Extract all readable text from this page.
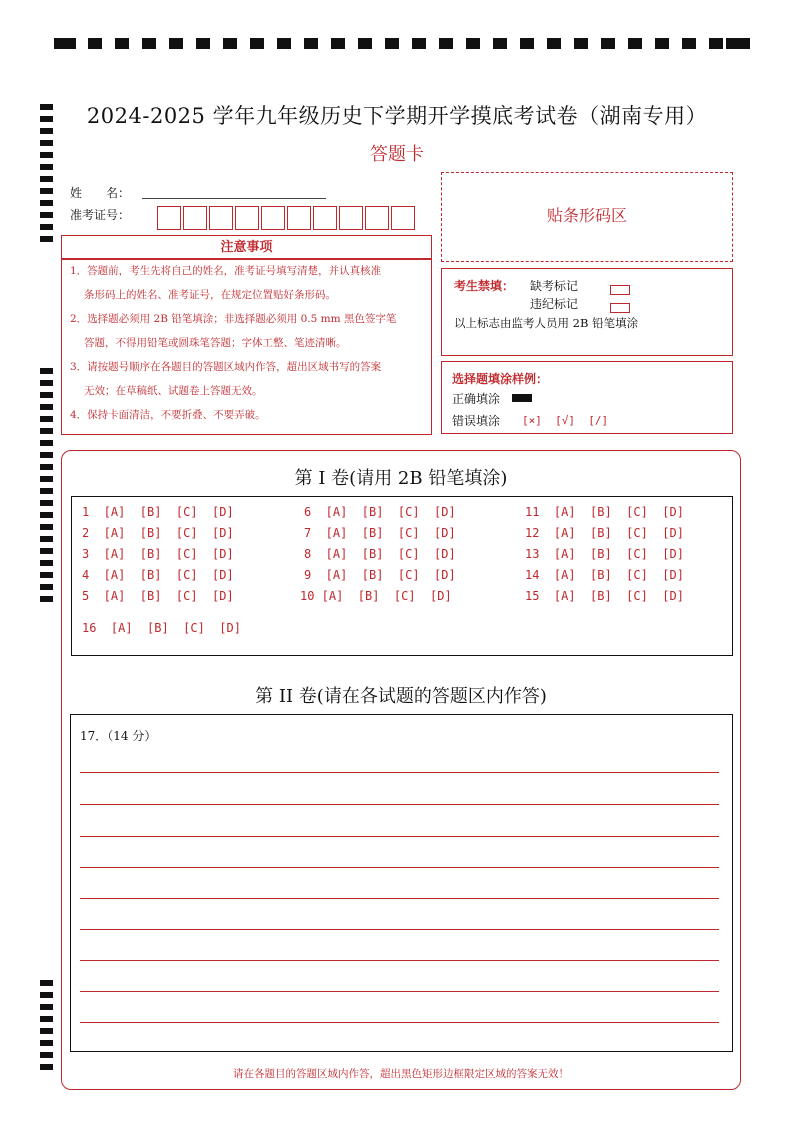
2024-2025 学年九年级历史下学期开学摸底考试卷（湖南专用）
答题卡
姓　　名：
准考证号：	贴条形码区
注意事项

1．答题前，考生先将自己的姓名，准考证号填写清楚，并认真核准

条形码上的姓名、准考证号，在规定位置贴好条形码。

2．选择题必须用 2B 铅笔填涂；非选择题必须用 0.5 mm 黑色签字笔

答题，不得用铅笔或圆珠笔答题；字体工整、笔迹清晰。

3．请按题号顺序在各题目的答题区域内作答，超出区域书写的答案

无效；在草稿纸、试题卷上答题无效。

4．保持卡面清洁，不要折叠、不要弄破。

考生禁填： 缺考标记
违纪标记
以上标志由监考人员用 2B 铅笔填涂
选择题填涂样例：
正确填涂
错误填涂 [×]  [√]  [/]
第 I 卷(请用 2B 铅笔填涂)
1  [A]  [B]  [C]  [D]
2  [A]  [B]  [C]  [D]
3  [A]  [B]  [C]  [D]
4  [A]  [B]  [C]  [D]
5  [A]  [B]  [C]  [D]
6  [A]  [B]  [C]  [D]
7  [A]  [B]  [C]  [D]
8  [A]  [B]  [C]  [D]
9  [A]  [B]  [C]  [D]
10 [A]  [B]  [C]  [D]
11  [A]  [B]  [C]  [D]
12  [A]  [B]  [C]  [D]
13  [A]  [B]  [C]  [D]
14  [A]  [B]  [C]  [D]
15  [A]  [B]  [C]  [D]
16  [A]  [B]  [C]  [D]
第 II 卷(请在各试题的答题区内作答)
17．（14 分）
请在各题目的答题区域内作答，超出黑色矩形边框限定区域的答案无效！
